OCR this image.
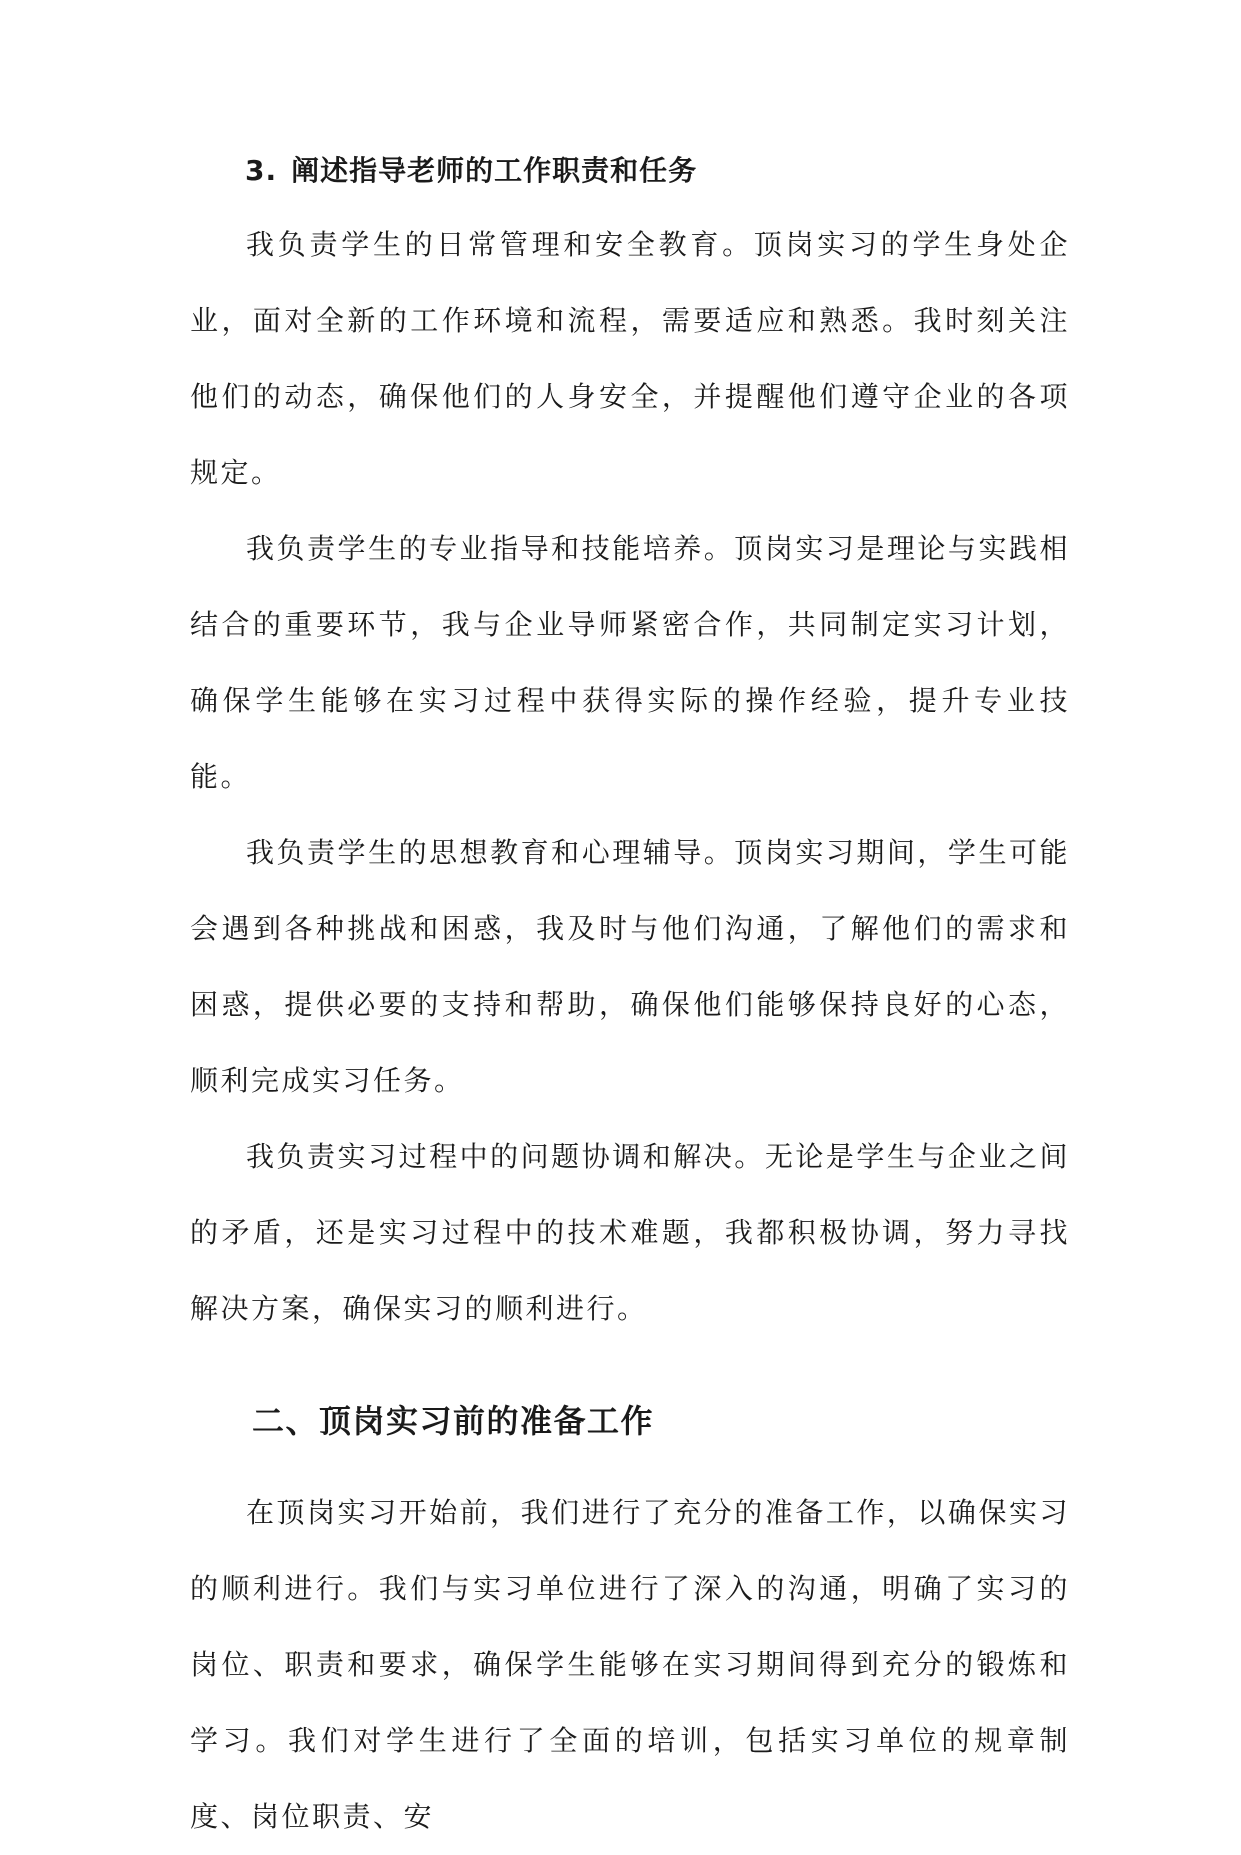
3. 阐述指导老师的工作职责和任务

我负责学生的日常管理和安全教育。顶岗实习的学生身处企业，面对全新的工作环境和流程，需要适应和熟悉。我时刻关注他们的动态，确保他们的人身安全，并提醒他们遵守企业的各项规定。

我负责学生的专业指导和技能培养。顶岗实习是理论与实践相结合的重要环节，我与企业导师紧密合作，共同制定实习计划，确保学生能够在实习过程中获得实际的操作经验，提升专业技能。

我负责学生的思想教育和心理辅导。顶岗实习期间，学生可能会遇到各种挑战和困惑，我及时与他们沟通，了解他们的需求和困惑，提供必要的支持和帮助，确保他们能够保持良好的心态，顺利完成实习任务。

我负责实习过程中的问题协调和解决。无论是学生与企业之间的矛盾，还是实习过程中的技术难题，我都积极协调，努力寻找解决方案，确保实习的顺利进行。

二、顶岗实习前的准备工作

在顶岗实习开始前，我们进行了充分的准备工作，以确保实习的顺利进行。我们与实习单位进行了深入的沟通，明确了实习的岗位、职责和要求，确保学生能够在实习期间得到充分的锻炼和学习。我们对学生进行了全面的培训，包括实习单位的规章制度、岗位职责、安
